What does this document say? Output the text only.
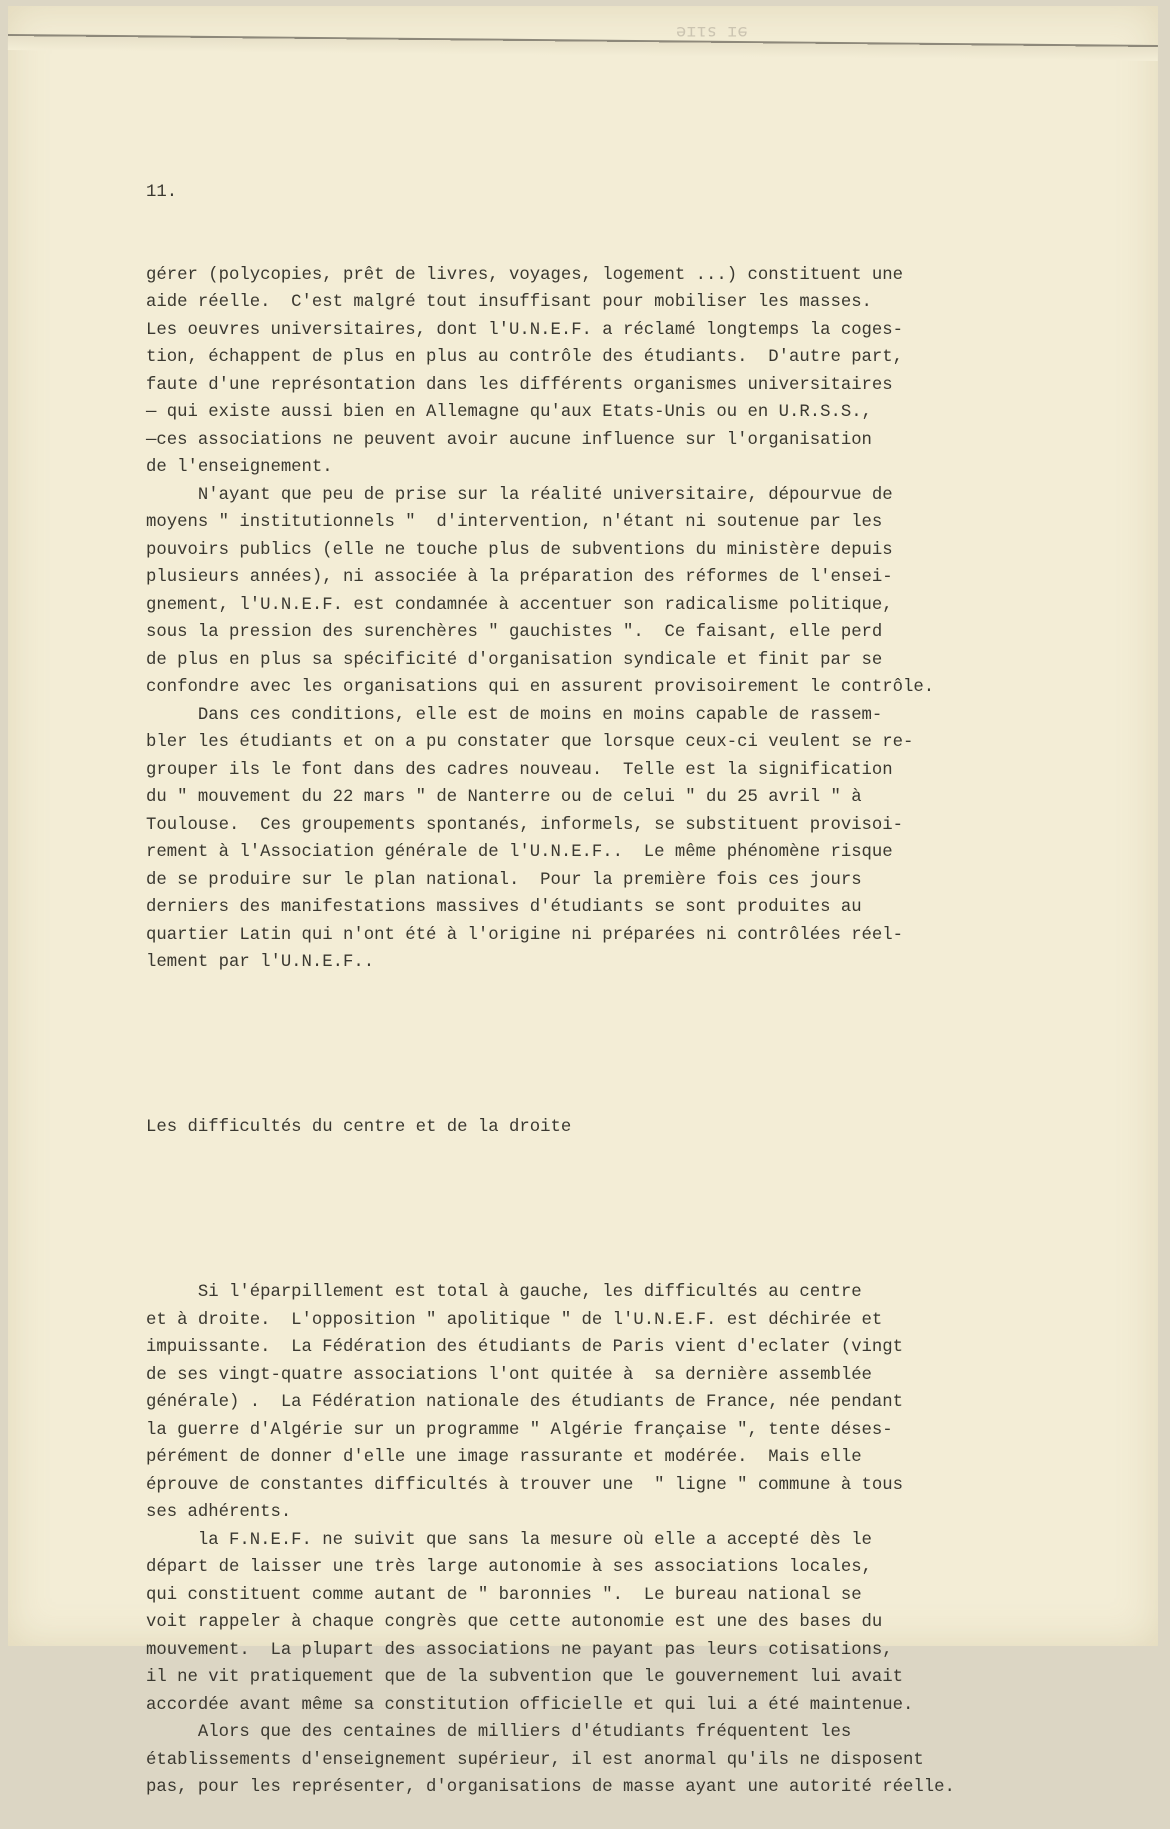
ɘɪ sıɪe

11.

gérer (polycopies, prêt de livres, voyages, logement ...) constituent une
aide réelle.  C'est malgré tout insuffisant pour mobiliser les masses.
Les oeuvres universitaires, dont l'U.N.E.F. a réclamé longtemps la coges-
tion, échappent de plus en plus au contrôle des étudiants.  D'autre part,
faute d'une représontation dans les différents organismes universitaires
— qui existe aussi bien en Allemagne qu'aux Etats-Unis ou en U.R.S.S.,
—ces associations ne peuvent avoir aucune influence sur l'organisation
de l'enseignement.
N'ayant que peu de prise sur la réalité universitaire, dépourvue de
moyens " institutionnels "  d'intervention, n'étant ni soutenue par les
pouvoirs publics (elle ne touche plus de subventions du ministère depuis
plusieurs années), ni associée à la préparation des réformes de l'ensei-
gnement, l'U.N.E.F. est condamnée à accentuer son radicalisme politique,
sous la pression des surenchères " gauchistes ".  Ce faisant, elle perd
de plus en plus sa spécificité d'organisation syndicale et finit par se
confondre avec les organisations qui en assurent provisoirement le contrôle.
Dans ces conditions, elle est de moins en moins capable de rassem-
bler les étudiants et on a pu constater que lorsque ceux-ci veulent se re-
grouper ils le font dans des cadres nouveau.  Telle est la signification
du " mouvement du 22 mars " de Nanterre ou de celui " du 25 avril " à
Toulouse.  Ces groupements spontanés, informels, se substituent provisoi-
rement à l'Association générale de l'U.N.E.F..  Le même phénomène risque
de se produire sur le plan national.  Pour la première fois ces jours
derniers des manifestations massives d'étudiants se sont produites au
quartier Latin qui n'ont été à l'origine ni préparées ni contrôlées réel-
lement par l'U.N.E.F..

Les difficultés du centre et de la droite

Si l'éparpillement est total à gauche, les difficultés au centre
et à droite.  L'opposition " apolitique " de l'U.N.E.F. est déchirée et
impuissante.  La Fédération des étudiants de Paris vient d'eclater (vingt
de ses vingt-quatre associations l'ont quitée à  sa dernière assemblée
générale) .  La Fédération nationale des étudiants de France, née pendant
la guerre d'Algérie sur un programme " Algérie française ", tente déses-
pérément de donner d'elle une image rassurante et modérée.  Mais elle
éprouve de constantes difficultés à trouver une  " ligne " commune à tous
ses adhérents.
la F.N.E.F. ne suivit que sans la mesure où elle a accepté dès le
départ de laisser une très large autonomie à ses associations locales,
qui constituent comme autant de " baronnies ".  Le bureau national se
voit rappeler à chaque congrès que cette autonomie est une des bases du
mouvement.  La plupart des associations ne payant pas leurs cotisations,
il ne vit pratiquement que de la subvention que le gouvernement lui avait
accordée avant même sa constitution officielle et qui lui a été maintenue.
Alors que des centaines de milliers d'étudiants fréquentent les
établissements d'enseignement supérieur, il est anormal qu'ils ne disposent
pas, pour les représenter, d'organisations de masse ayant une autorité réelle.
